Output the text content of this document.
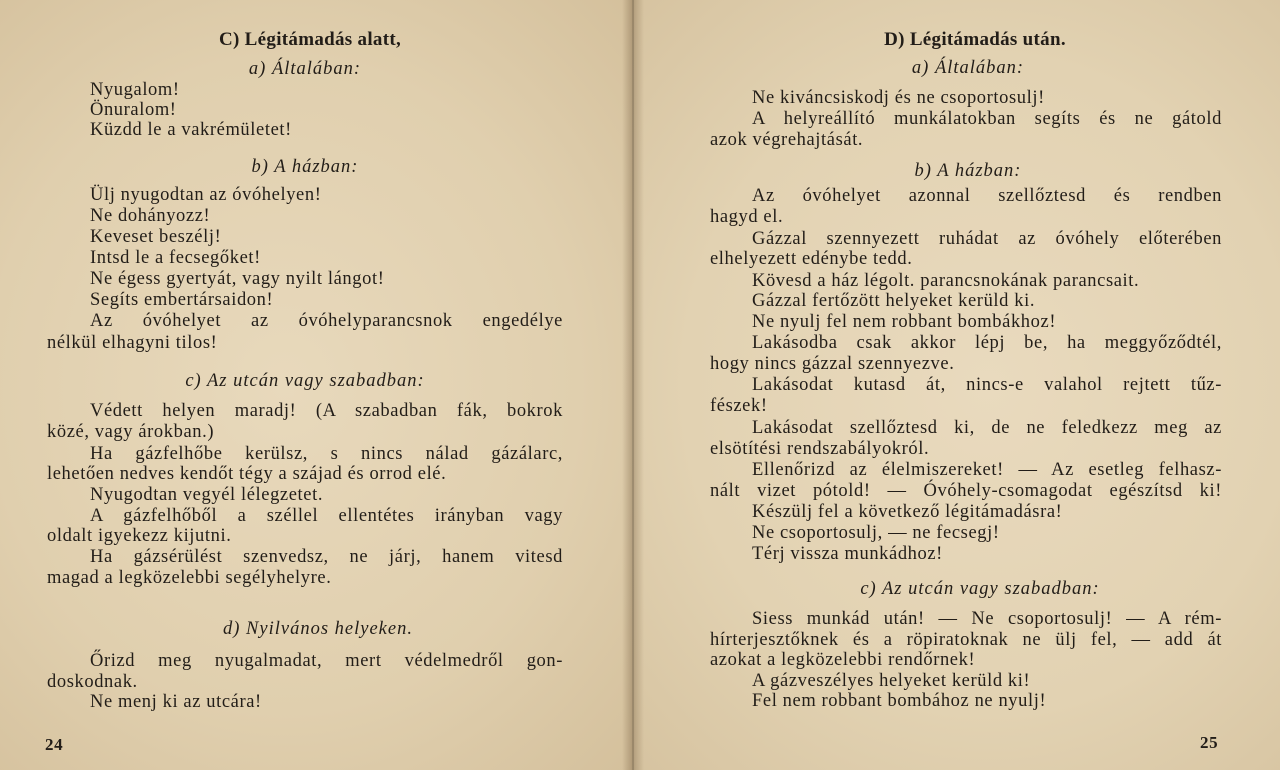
C) Légitámadás alatt,
a) Általában:
Nyugalom!
Önuralom!
Küzdd le a vakrémületet!
b) A házban:
Ülj nyugodtan az óvóhelyen!
Ne dohányozz!
Keveset beszélj!
Intsd le a fecsegőket!
Ne égess gyertyát, vagy nyilt lángot!
Segíts embertársaidon!
Az óvóhelyet az óvóhelyparancsnok engedélye
nélkül elhagyni tilos!
c) Az utcán vagy szabadban:
Védett helyen maradj! (A szabadban fák, bokrok
közé, vagy árokban.)
Ha gázfelhőbe kerülsz, s nincs nálad gázálarc,
lehetően nedves kendőt tégy a szájad és orrod elé.
Nyugodtan vegyél lélegzetet.
A gázfelhőből a széllel ellentétes irányban vagy
oldalt igyekezz kijutni.
Ha gázsérülést szenvedsz, ne járj, hanem vitesd
magad a legközelebbi segélyhelyre.
d) Nyilvános helyeken.
Őrizd meg nyugalmadat, mert védelmedről gon-
doskodnak.
Ne menj ki az utcára!
24
D) Légitámadás után.
a) Általában:
Ne kiváncsiskodj és ne csoportosulj!
A helyreállító munkálatokban segíts és ne gátold
azok végrehajtását.
b) A házban:
Az óvóhelyet azonnal szellőztesd és rendben
hagyd el.
Gázzal szennyezett ruhádat az óvóhely előterében
elhelyezett edénybe tedd.
Kövesd a ház légolt. parancsnokának parancsait.
Gázzal fertőzött helyeket kerüld ki.
Ne nyulj fel nem robbant bombákhoz!
Lakásodba csak akkor lépj be, ha meggyőződtél,
hogy nincs gázzal szennyezve.
Lakásodat kutasd át, nincs-e valahol rejtett tűz-
fészek!
Lakásodat szellőztesd ki, de ne feledkezz meg az
elsötítési rendszabályokról.
Ellenőrizd az élelmiszereket! — Az esetleg felhasz-
nált vizet pótold! — Óvóhely-csomagodat egészítsd ki!
Készülj fel a következő légitámadásra!
Ne csoportosulj, — ne fecsegj!
Térj vissza munkádhoz!
c) Az utcán vagy szabadban:
Siess munkád után! — Ne csoportosulj! — A rém-
hírterjesztőknek és a röpiratoknak ne ülj fel, — add át
azokat a legközelebbi rendőrnek!
A gázveszélyes helyeket kerüld ki!
Fel nem robbant bombához ne nyulj!
25
